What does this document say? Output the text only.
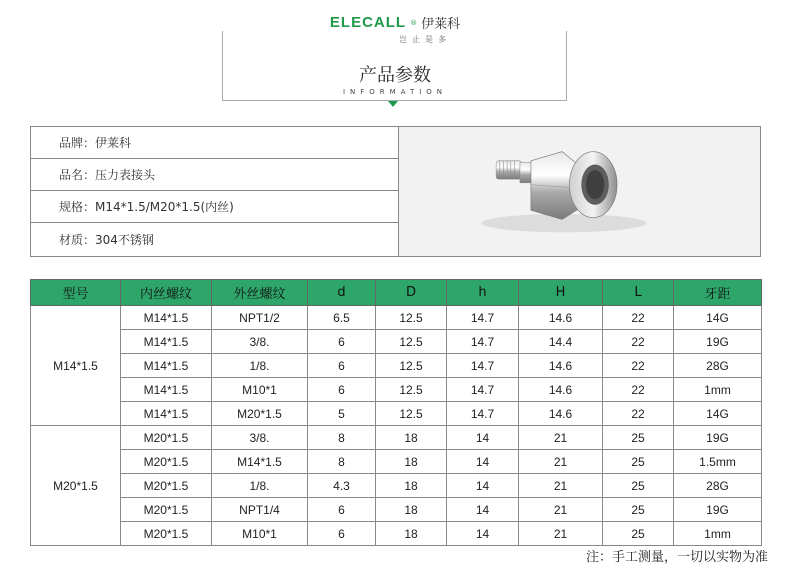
ELECALL ® 伊莱科
岂止是多
产品参数
INFORMATION
品牌：伊莱科
品名：压力表接头
规格：M14*1.5/M20*1.5(内丝)
材质：304不锈钢
型号	内丝螺纹	外丝螺纹	d	D	h	H	L	牙距
M14*1.5	M14*1.5	NPT1/2	6.5	12.5	14.7	14.6	22	14G
	M14*1.5	3/8.	6	12.5	14.7	14.4	22	19G
	M14*1.5	1/8.	6	12.5	14.7	14.6	22	28G
	M14*1.5	M10*1	6	12.5	14.7	14.6	22	1mm
	M14*1.5	M20*1.5	5	12.5	14.7	14.6	22	14G
M20*1.5	M20*1.5	3/8.	8	18	14	21	25	19G
	M20*1.5	M14*1.5	8	18	14	21	25	1.5mm
	M20*1.5	1/8.	4.3	18	14	21	25	28G
	M20*1.5	NPT1/4	6	18	14	21	25	19G
	M20*1.5	M10*1	6	18	14	21	25	1mm
注：手工测量，一切以实物为准
